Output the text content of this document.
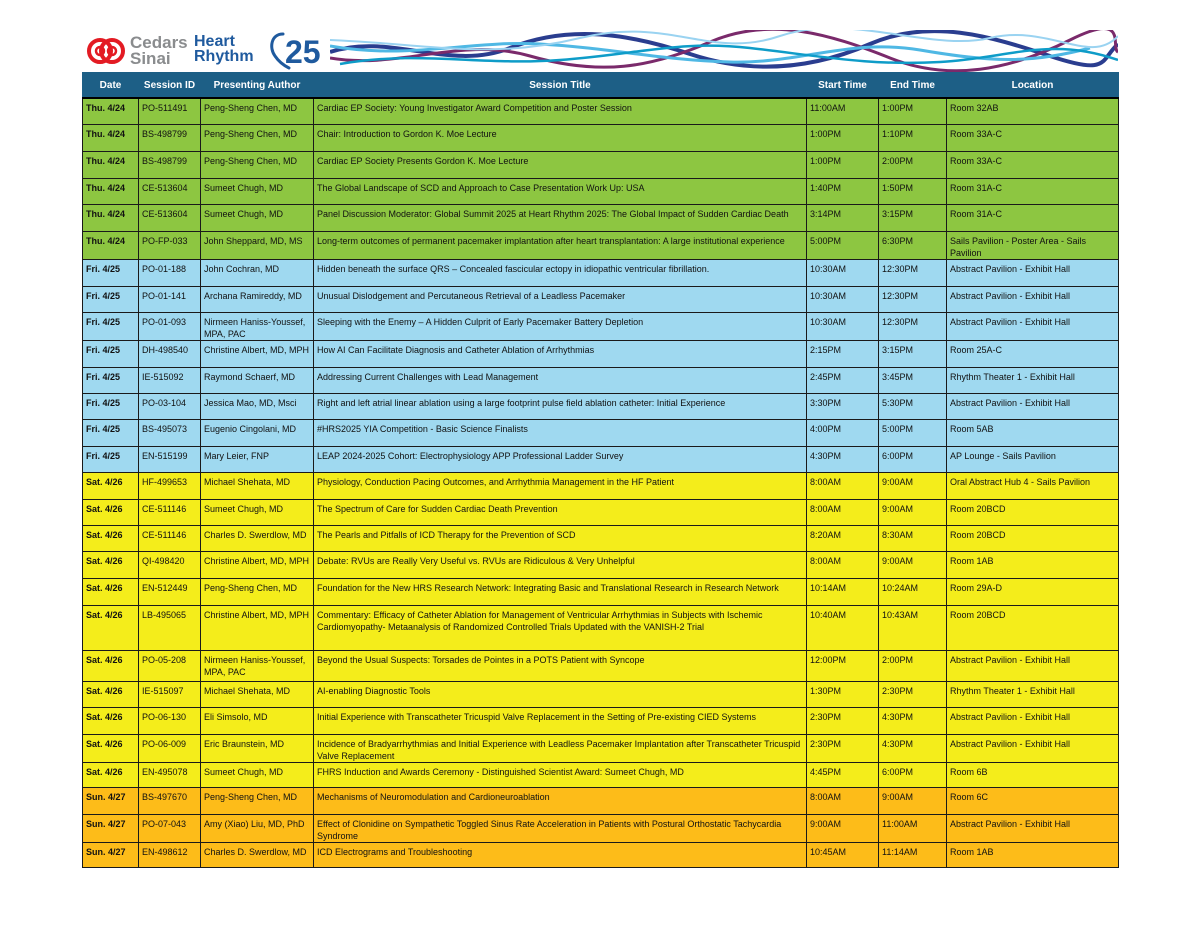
Cedars
Sinai
Heart
Rhythm 25
Date	Session ID	Presenting Author	Session Title	Start Time	End Time	Location
Thu. 4/24	PO-511491	Peng-Sheng Chen, MD	Cardiac EP Society: Young Investigator Award Competition and Poster Session	11:00AM	1:00PM	Room 32AB
Thu. 4/24	BS-498799	Peng-Sheng Chen, MD	Chair: Introduction to Gordon K. Moe Lecture	1:00PM	1:10PM	Room 33A-C
Thu. 4/24	BS-498799	Peng-Sheng Chen, MD	Cardiac EP Society Presents Gordon K. Moe Lecture	1:00PM	2:00PM	Room 33A-C
Thu. 4/24	CE-513604	Sumeet Chugh, MD	The Global Landscape of SCD and Approach to Case Presentation Work Up: USA	1:40PM	1:50PM	Room 31A-C
Thu. 4/24	CE-513604	Sumeet Chugh, MD	Panel Discussion Moderator: Global Summit 2025 at Heart Rhythm 2025: The Global Impact of Sudden Cardiac Death	3:14PM	3:15PM	Room 31A-C
Thu. 4/24	PO-FP-033	John Sheppard, MD, MS	Long-term outcomes of permanent pacemaker implantation after heart transplantation: A large institutional experience	5:00PM	6:30PM	Sails Pavilion - Poster Area - Sails Pavilion
Fri. 4/25	PO-01-188	John Cochran, MD	Hidden beneath the surface QRS – Concealed fascicular ectopy in idiopathic ventricular fibrillation.	10:30AM	12:30PM	Abstract Pavilion - Exhibit Hall
Fri. 4/25	PO-01-141	Archana Ramireddy, MD	Unusual Dislodgement and Percutaneous Retrieval of a Leadless Pacemaker	10:30AM	12:30PM	Abstract Pavilion - Exhibit Hall
Fri. 4/25	PO-01-093	Nirmeen Haniss-Youssef, MPA, PAC	Sleeping with the Enemy – A Hidden Culprit of Early Pacemaker Battery Depletion	10:30AM	12:30PM	Abstract Pavilion - Exhibit Hall
Fri. 4/25	DH-498540	Christine Albert, MD, MPH	How AI Can Facilitate Diagnosis and Catheter Ablation of Arrhythmias	2:15PM	3:15PM	Room 25A-C
Fri. 4/25	IE-515092	Raymond Schaerf, MD	Addressing Current Challenges with Lead Management	2:45PM	3:45PM	Rhythm Theater 1 - Exhibit Hall
Fri. 4/25	PO-03-104	Jessica Mao, MD, Msci	Right and left atrial linear ablation using a large footprint pulse field ablation catheter: Initial Experience	3:30PM	5:30PM	Abstract Pavilion - Exhibit Hall
Fri. 4/25	BS-495073	Eugenio Cingolani, MD	#HRS2025 YIA Competition - Basic Science Finalists	4:00PM	5:00PM	Room 5AB
Fri. 4/25	EN-515199	Mary Leier, FNP	LEAP 2024-2025 Cohort: Electrophysiology APP Professional Ladder Survey	4:30PM	6:00PM	AP Lounge - Sails Pavilion
Sat. 4/26	HF-499653	Michael Shehata, MD	Physiology, Conduction Pacing Outcomes, and Arrhythmia Management in the HF Patient	8:00AM	9:00AM	Oral Abstract Hub 4 - Sails Pavilion
Sat. 4/26	CE-511146	Sumeet Chugh, MD	The Spectrum of Care for Sudden Cardiac Death Prevention	8:00AM	9:00AM	Room 20BCD
Sat. 4/26	CE-511146	Charles D. Swerdlow, MD	The Pearls and Pitfalls of ICD Therapy for the Prevention of SCD	8:20AM	8:30AM	Room 20BCD
Sat. 4/26	QI-498420	Christine Albert, MD, MPH	Debate: RVUs are Really Very Useful vs. RVUs are Ridiculous & Very Unhelpful	8:00AM	9:00AM	Room 1AB
Sat. 4/26	EN-512449	Peng-Sheng Chen, MD	Foundation for the New HRS Research Network: Integrating Basic and Translational Research in Research Network	10:14AM	10:24AM	Room 29A-D
Sat. 4/26	LB-495065	Christine Albert, MD, MPH	Commentary: Efficacy of Catheter Ablation for Management of Ventricular Arrhythmias in Subjects with Ischemic Cardiomyopathy- Metaanalysis of Randomized Controlled Trials Updated with the VANISH-2 Trial	10:40AM	10:43AM	Room 20BCD
Sat. 4/26	PO-05-208	Nirmeen Haniss-Youssef, MPA, PAC	Beyond the Usual Suspects: Torsades de Pointes in a POTS Patient with Syncope	12:00PM	2:00PM	Abstract Pavilion - Exhibit Hall
Sat. 4/26	IE-515097	Michael Shehata, MD	AI-enabling Diagnostic Tools	1:30PM	2:30PM	Rhythm Theater 1 - Exhibit Hall
Sat. 4/26	PO-06-130	Eli Simsolo, MD	Initial Experience with Transcatheter Tricuspid Valve Replacement in the Setting of Pre-existing CIED Systems	2:30PM	4:30PM	Abstract Pavilion - Exhibit Hall
Sat. 4/26	PO-06-009	Eric Braunstein, MD	Incidence of Bradyarrhythmias and Initial Experience with Leadless Pacemaker Implantation after Transcatheter Tricuspid Valve Replacement	2:30PM	4:30PM	Abstract Pavilion - Exhibit Hall
Sat. 4/26	EN-495078	Sumeet Chugh, MD	FHRS Induction and Awards Ceremony - Distinguished Scientist Award: Sumeet Chugh, MD	4:45PM	6:00PM	Room 6B
Sun. 4/27	BS-497670	Peng-Sheng Chen, MD	Mechanisms of Neuromodulation and Cardioneuroablation	8:00AM	9:00AM	Room 6C
Sun. 4/27	PO-07-043	Amy (Xiao) Liu, MD, PhD	Effect of Clonidine on Sympathetic Toggled Sinus Rate Acceleration in Patients with Postural Orthostatic Tachycardia Syndrome	9:00AM	11:00AM	Abstract Pavilion - Exhibit Hall
Sun. 4/27	EN-498612	Charles D. Swerdlow, MD	ICD Electrograms and Troubleshooting	10:45AM	11:14AM	Room 1AB
